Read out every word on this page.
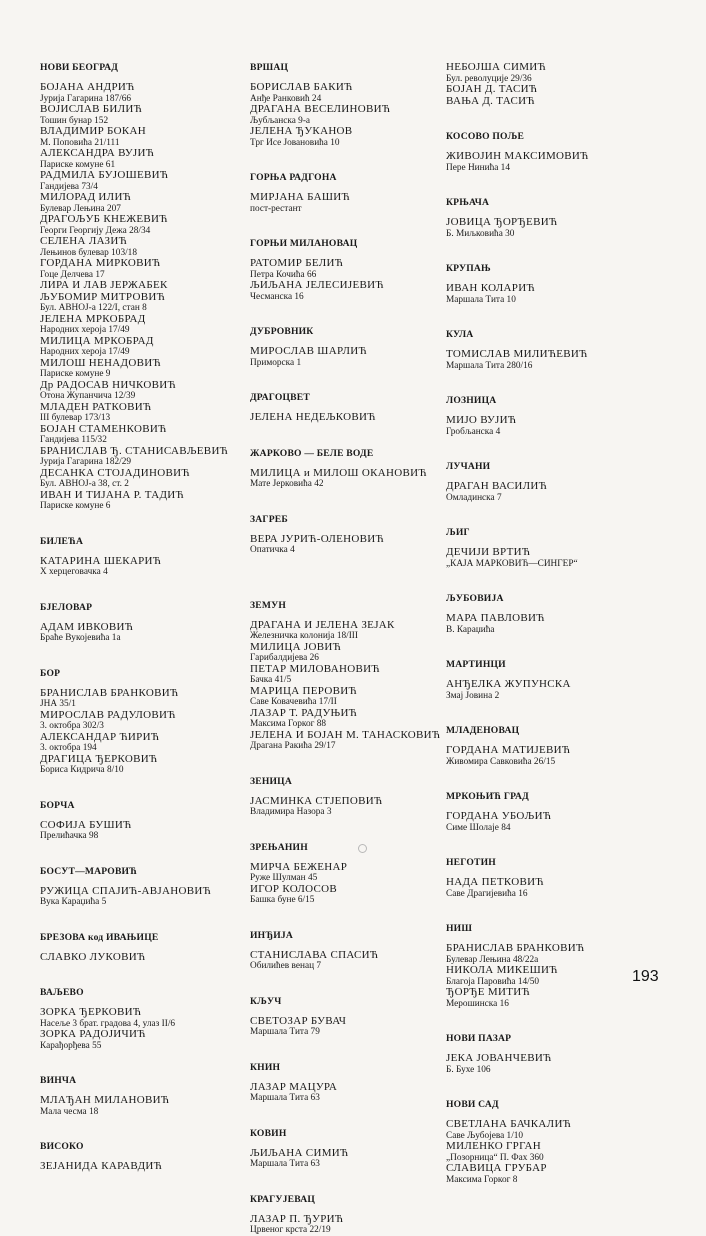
НОВИ БЕОГРАД
БОЈАНА АНДРИЋ
Јурија Гагарина 187/66
ВОЈИСЛАВ БИЛИЋ
Тошин бунар 152
ВЛАДИМИР БОКАН
М. Поповића 21/111
АЛЕКСАНДРА ВУЈИЋ
Париске комуне 61
РАДМИЛА БУЈОШЕВИЋ
Гандијева 73/4
МИЛОРАД ИЛИЋ
Булевар Лењина 207
ДРАГОЉУБ КНЕЖЕВИЋ
Георги Георгију Дежа 28/34
СЕЛЕНА ЛАЗИЋ
Лењинов булевар 103/18
ГОРДАНА МИРКОВИЋ
Гоце Делчева 17
ЛИРА И ЛАВ ЈЕРЖАБЕК
ЉУБОМИР МИТРОВИЋ
Бул. АВНОЈ-а 122/I, стан 8
ЈЕЛЕНА МРКОБРАД
Народних хероја 17/49
МИЛИЦА МРКОБРАД
Народних хероја 17/49
МИЛОШ НЕНАДОВИЋ
Париске комуне 9
Др РАДОСАВ НИЧКОВИЋ
Отона Жупанчича 12/39
МЛАДЕН РАТКОВИЋ
III булевар 173/13
БОЈАН СТАМЕНКОВИЋ
Гандијева 115/32
БРАНИСЛАВ Ђ. СТАНИСАВЉЕВИЋ
Јурија Гагарина 182/29
ДЕСАНКА СТОЈАДИНОВИЋ
Бул. АВНОЈ-а 38, ст. 2
ИВАН И ТИЈАНА Р. ТАДИЋ
Париске комуне 6
БИЛЕЋА
КАТАРИНА ШЕКАРИЋ
Х херцеговачка 4
БЈЕЛОВАР
АДАМ ИВКОВИЋ
Браће Вукојевића 1а
БОР
БРАНИСЛАВ БРАНКОВИЋ
ЈНА 35/1
МИРОСЛАВ РАДУЛОВИЋ
3. октобра 302/3
АЛЕКСАНДАР ЋИРИЋ
3. октобра 194
ДРАГИЦА ЂЕРКОВИЋ
Бориса Кидрича 8/10
БОРЧА
СОФИЈА БУШИЋ
Прелићачка 98
БОСУТ—МАРОВИЋ
РУЖИЦА СПАЈИЋ-АВЈАНОВИЋ
Вука Караџића 5
БРЕЗОВА код ИВАЊИЦЕ
СЛАВКО ЛУКОВИЋ
ВАЉЕВО
ЗОРКА ЂЕРКОВИЋ
Насеље 3 брат. градова 4, улаз II/6
ЗОРКА РАДОЈИЧИЋ
Карађорђева 55
ВИНЧА
МЛАЂАН МИЛАНОВИЋ
Мала чесма 18
ВИСОКО
ЗЕЈАНИДА КАРАВДИЋ
ВРШАЦ
БОРИСЛАВ БАКИЋ
Анђе Ранковић 24
ДРАГАНА ВЕСЕЛИНОВИЋ
Љубљанска 9-а
ЈЕЛЕНА ЂУКАНОВ
Трг Исе Јовановића 10
ГОРЊА РАДГОНА
МИРЈАНА БАШИЋ
пост-рестант
ГОРЊИ МИЛАНОВАЦ
РАТОМИР БЕЛИЋ
Петра Кочића 66
ЉИЉАНА ЈЕЛЕСИЈЕВИЋ
Чесманска 16
ДУБРОВНИК
МИРОСЛАВ ШАРЛИЋ
Приморска 1
ДРАГОЦВЕТ
ЈЕЛЕНА НЕДЕЉКОВИЋ
ЖАРКОВО — БЕЛЕ ВОДЕ
МИЛИЦА и МИЛОШ ОКАНОВИЋ
Мате Јерковића 42
ЗАГРЕБ
ВЕРА ЈУРИЋ-ОЛЕНОВИЋ
Опатичка 4
ЗЕМУН
ДРАГАНА И ЈЕЛЕНА ЗЕЈАК
Железничка колонија 18/III
МИЛИЦА ЈОВИЋ
Гарибалдијева 26
ПЕТАР МИЛОВАНОВИЋ
Бачка 41/5
МАРИЦА ПЕРОВИЋ
Саве Ковачевића 17/II
ЛАЗАР Т. РАДУЊИЋ
Максима Горког 88
ЈЕЛЕНА И БОЈАН М. ТАНАСКОВИЋ
Драгана Ракића 29/17
ЗЕНИЦА
ЈАСМИНКА СТЈЕПОВИЋ
Владимира Назора 3
ЗРЕЊАНИН
МИРЧА БЕЖЕНАР
Руже Шулман 45
ИГОР КОЛОСОВ
Башка буне 6/15
ИНЂИЈА
СТАНИСЛАВА СПАСИЋ
Обилићев венац 7
КЉУЧ
СВЕТОЗАР БУВАЧ
Маршала Тита 79
КНИН
ЛАЗАР МАЦУРА
Маршала Тита 63
КОВИН
ЉИЉАНА СИМИЋ
Маршала Тита 63
КРАГУЈЕВАЦ
ЛАЗАР П. ЂУРИЋ
Црвеног крста 22/19
НЕБОЈША СИМИЋ
Бул. револуције 29/36
БОЈАН Д. ТАСИЋ
ВАЊА Д. ТАСИЋ
КОСОВО ПОЉЕ
ЖИВОЈИН МАКСИМОВИЋ
Пере Нинића 14
КРЊАЧА
ЈОВИЦА ЂОРЂЕВИЋ
Б. Миљковића 30
КРУПАЊ
ИВАН КОЛАРИЋ
Маршала Тита 10
КУЛА
ТОМИСЛАВ МИЛИЋЕВИЋ
Маршала Тита 280/16
ЛОЗНИЦА
МИЈО ВУЈИЋ
Гробљанска 4
ЛУЧАНИ
ДРАГАН ВАСИЛИЋ
Омладинска 7
ЉИГ
ДЕЧИЈИ ВРТИЋ
„КАЈА МАРКОВИЋ—СИНГЕР“
ЉУБОВИЈА
МАРА ПАВЛОВИЋ
В. Караџића
МАРТИНЦИ
АНЂЕЛКА ЖУПУНСКА
Змај Јовина 2
МЛАДЕНОВАЦ
ГОРДАНА МАТИЈЕВИЋ
Живомира Савковића 26/15
МРКОЊИЋ ГРАД
ГОРДАНА УБОЉИЋ
Симе Шолаје 84
НЕГОТИН
НАДА ПЕТКОВИЋ
Саве Драгијевића 16
НИШ
БРАНИСЛАВ БРАНКОВИЋ
Булевар Лењина 48/22а
НИКОЛА МИКЕШИЋ
Благоја Паровића 14/50
ЂОРЂЕ МИТИЋ
Мерошинска 16
НОВИ ПАЗАР
ЈЕКА ЈОВАНЧЕВИЋ
Б. Бухе 106
НОВИ САД
СВЕТЛАНА БАЧКАЛИЋ
Саве Љубојева 1/10
МИЛЕНКО ГРГАН
„Позорница“ П. Фах 360
СЛАВИЦА ГРУБАР
Максима Горког 8
193
